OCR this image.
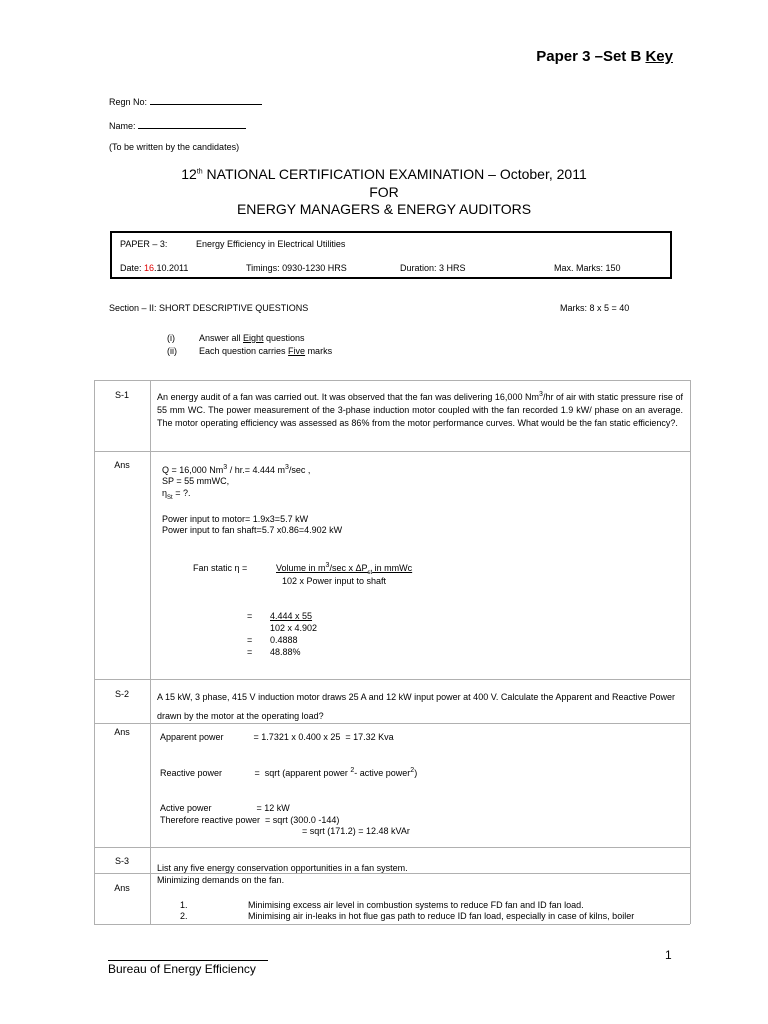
Paper 3 –Set B Key
Regn No:
Name:
(To be written by the candidates)
12th NATIONAL CERTIFICATION EXAMINATION – October, 2011
FOR
ENERGY MANAGERS & ENERGY AUDITORS
PAPER – 3:	Energy Efficiency in Electrical Utilities
Date: 16.10.2011	Timings: 0930-1230 HRS	Duration: 3 HRS	Max. Marks: 150
Section – II: SHORT DESCRIPTIVE QUESTIONS	Marks: 8 x 5 = 40
(i)	Answer all Eight questions
(ii) Each question carries Five marks
S-1	An energy audit of a fan was carried out. It was observed that the fan was delivering 16,000 Nm$^3$/hr of air with static pressure rise of 55 mm WC. The power measurement of the 3-phase induction motor coupled with the fan recorded 1.9 kW/ phase on an average. The motor operating efficiency was assessed as 86% from the motor performance curves. What would be the fan static efficiency?.
Ans	Q = 16,000 Nm$^3$ / hr.= 4.444 $m^3/\sec$ ,
SP = 55 mmWC,
$\eta_{St}$ = ?.
Power input to motor= 1.9x3=5.7 kW
Power input to fan shaft=5.7 x0.86=4.902 kW
Fan static η =	Volume in $m^3/\sec$ x $\Delta P_{st}$ in mmWc
102 x Power input to shaft
= 4.444 x 55
102 x 4.902
= 0.4888
= 48.88%
S-2	A 15 kW, 3 phase, 415 V induction motor draws 25 A and 12 kW input power at 400 V. Calculate the Apparent and Reactive Power drawn by the motor at the operating load?
Ans	Apparent power            = 1.7321 x 0.400 x 25  = 17.32 Kva
Reactive power             =  sqrt (apparent power $^2$- active power$^2$)
Active power                  = 12 kW
Therefore reactive power  = sqrt (300.0 -144)
= sqrt (171.2) = 12.48 kVAr
S-3
List any five energy conservation opportunities in a fan system.
Ans
Minimizing demands on the fan.
1.	Minimising excess air level in combustion systems to reduce FD fan and ID fan load.
2.	Minimising air in-leaks in hot flue gas path to reduce ID fan load, especially in case of kilns, boiler
Bureau of Energy Efficiency
1
